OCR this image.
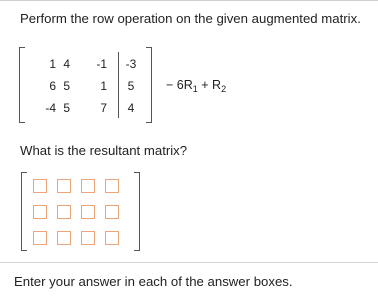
Perform the row operation on the given augmented matrix.
1 4	-1	-3
6 5	1	5
-4 5	7	4
− $6R_1 + R_2$
What is the resultant matrix?
Enter your answer in each of the answer boxes.
